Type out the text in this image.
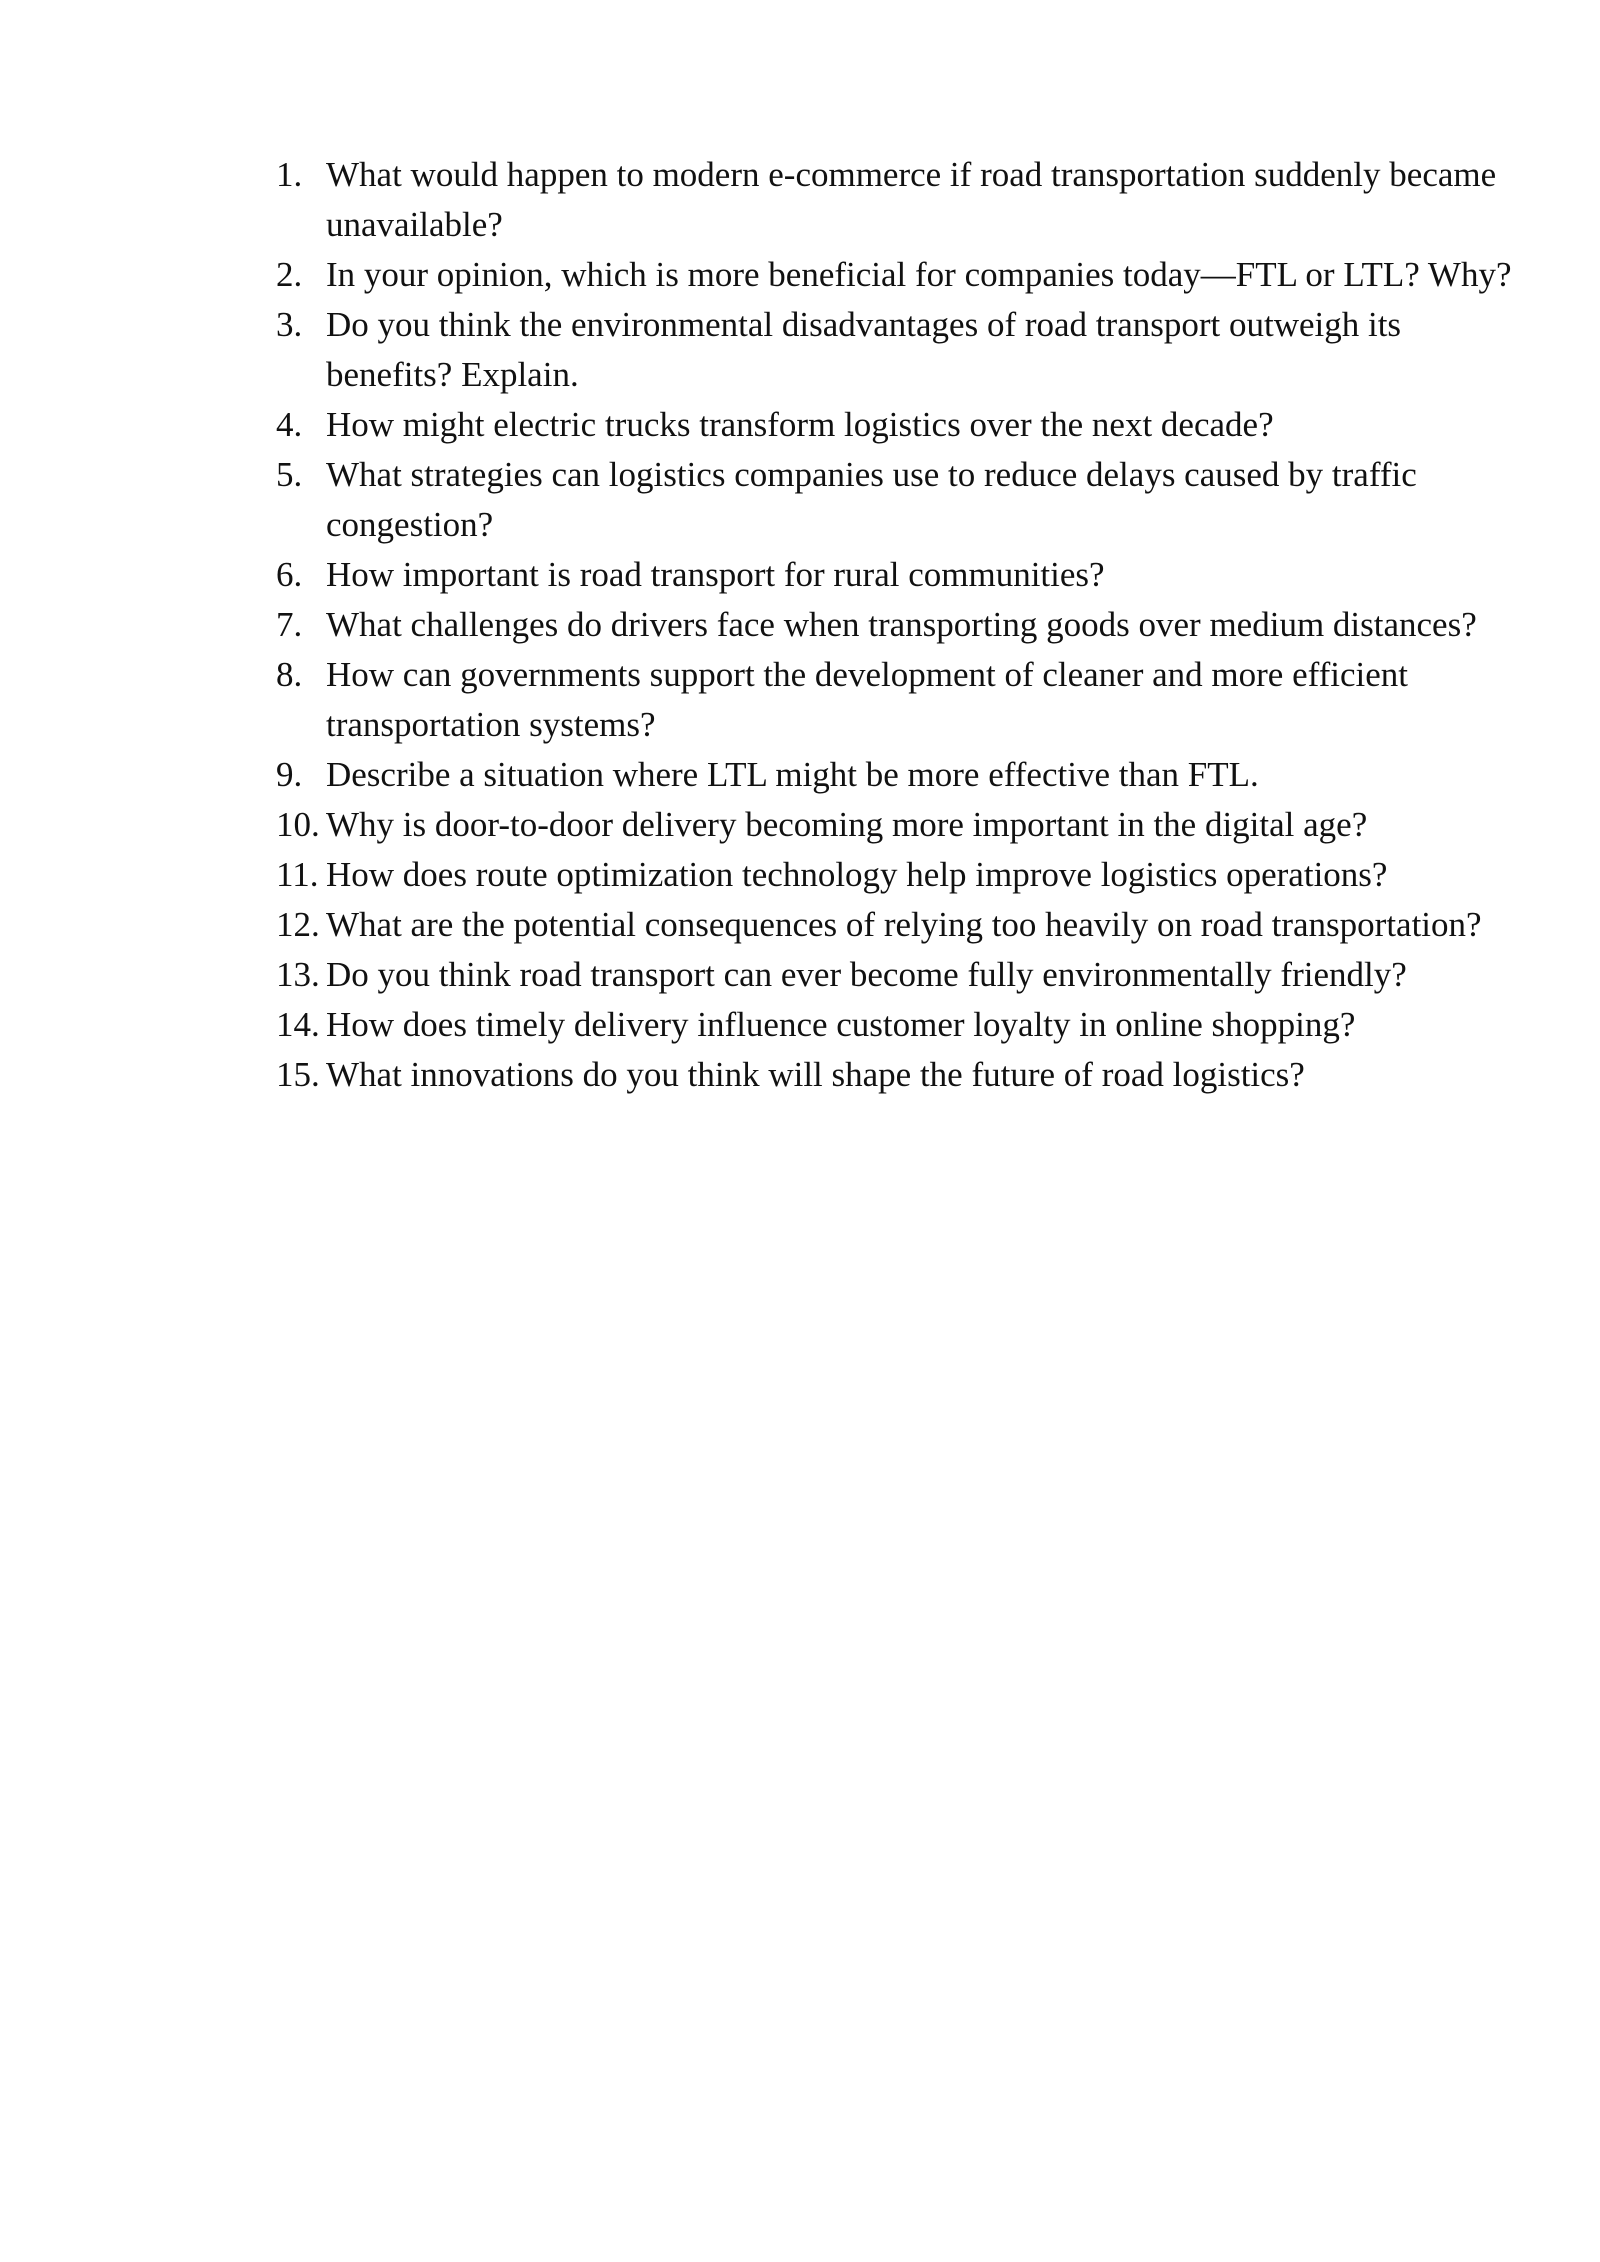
1. What would happen to modern e-commerce if road transportation suddenly became unavailable?
2. In your opinion, which is more beneficial for companies today—FTL or LTL? Why?
3. Do you think the environmental disadvantages of road transport outweigh its benefits? Explain.
4. How might electric trucks transform logistics over the next decade?
5. What strategies can logistics companies use to reduce delays caused by traffic congestion?
6. How important is road transport for rural communities?
7. What challenges do drivers face when transporting goods over medium distances?
8. How can governments support the development of cleaner and more efficient transportation systems?
9. Describe a situation where LTL might be more effective than FTL.
10. Why is door-to-door delivery becoming more important in the digital age?
11. How does route optimization technology help improve logistics operations?
12. What are the potential consequences of relying too heavily on road transportation?
13. Do you think road transport can ever become fully environmentally friendly?
14. How does timely delivery influence customer loyalty in online shopping?
15. What innovations do you think will shape the future of road logistics?
